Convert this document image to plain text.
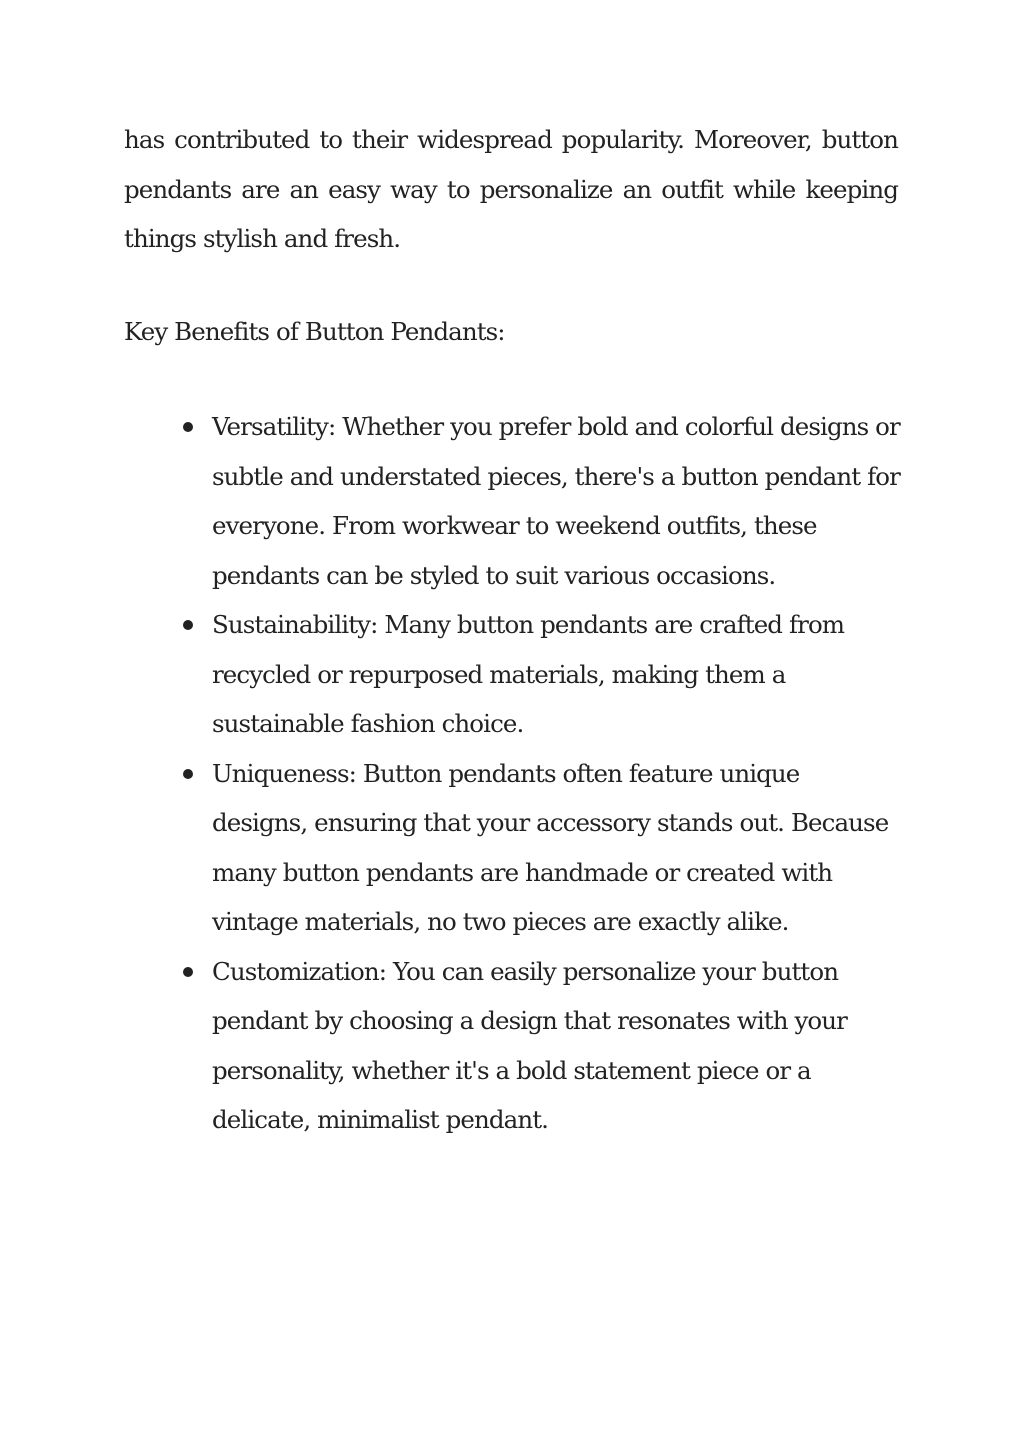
has contributed to their widespread popularity. Moreover, button pendants are an easy way to personalize an outfit while keeping things stylish and fresh.

Key Benefits of Button Pendants:

Versatility: Whether you prefer bold and colorful designs or subtle and understated pieces, there's a button pendant for everyone. From workwear to weekend outfits, these pendants can be styled to suit various occasions.
Sustainability: Many button pendants are crafted from recycled or repurposed materials, making them a sustainable fashion choice.
Uniqueness: Button pendants often feature unique designs, ensuring that your accessory stands out. Because many button pendants are handmade or created with vintage materials, no two pieces are exactly alike.
Customization: You can easily personalize your button pendant by choosing a design that resonates with your personality, whether it's a bold statement piece or a delicate, minimalist pendant.
